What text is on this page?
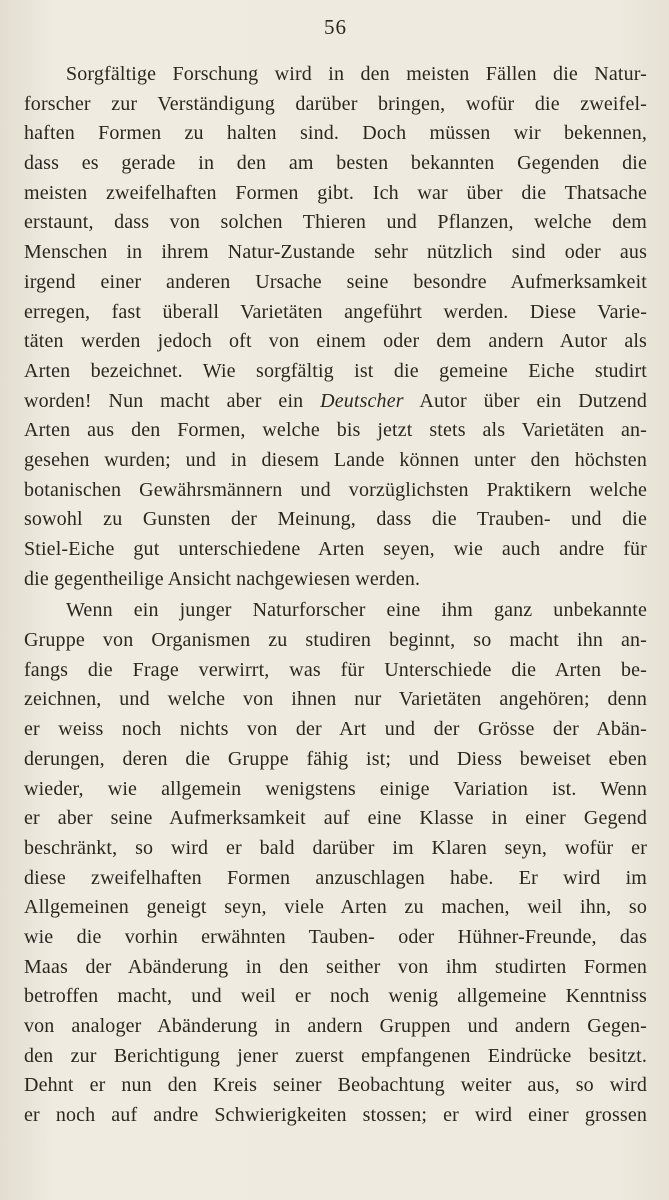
56
Sorgfältige Forschung wird in den meisten Fällen die Natur-
forscher zur Verständigung darüber bringen, wofür die zweifel-
haften Formen zu halten sind. Doch müssen wir bekennen,
dass es gerade in den am besten bekannten Gegenden die
meisten zweifelhaften Formen gibt. Ich war über die Thatsache
erstaunt, dass von solchen Thieren und Pflanzen, welche dem
Menschen in ihrem Natur-Zustande sehr nützlich sind oder aus
irgend einer anderen Ursache seine besondre Aufmerksamkeit
erregen, fast überall Varietäten angeführt werden. Diese Varie-
täten werden jedoch oft von einem oder dem andern Autor als
Arten bezeichnet. Wie sorgfältig ist die gemeine Eiche studirt
worden! Nun macht aber ein Deutscher Autor über ein Dutzend
Arten aus den Formen, welche bis jetzt stets als Varietäten an-
gesehen wurden; und in diesem Lande können unter den höchsten
botanischen Gewährsmännern und vorzüglichsten Praktikern welche
sowohl zu Gunsten der Meinung, dass die Trauben- und die
Stiel-Eiche gut unterschiedene Arten seyen, wie auch andre für
die gegentheilige Ansicht nachgewiesen werden.
Wenn ein junger Naturforscher eine ihm ganz unbekannte
Gruppe von Organismen zu studiren beginnt, so macht ihn an-
fangs die Frage verwirrt, was für Unterschiede die Arten be-
zeichnen, und welche von ihnen nur Varietäten angehören; denn
er weiss noch nichts von der Art und der Grösse der Abän-
derungen, deren die Gruppe fähig ist; und Diess beweiset eben
wieder, wie allgemein wenigstens einige Variation ist. Wenn
er aber seine Aufmerksamkeit auf eine Klasse in einer Gegend
beschränkt, so wird er bald darüber im Klaren seyn, wofür er
diese zweifelhaften Formen anzuschlagen habe. Er wird im
Allgemeinen geneigt seyn, viele Arten zu machen, weil ihn, so
wie die vorhin erwähnten Tauben- oder Hühner-Freunde, das
Maas der Abänderung in den seither von ihm studirten Formen
betroffen macht, und weil er noch wenig allgemeine Kenntniss
von analoger Abänderung in andern Gruppen und andern Gegen-
den zur Berichtigung jener zuerst empfangenen Eindrücke besitzt.
Dehnt er nun den Kreis seiner Beobachtung weiter aus, so wird
er noch auf andre Schwierigkeiten stossen; er wird einer grossen
